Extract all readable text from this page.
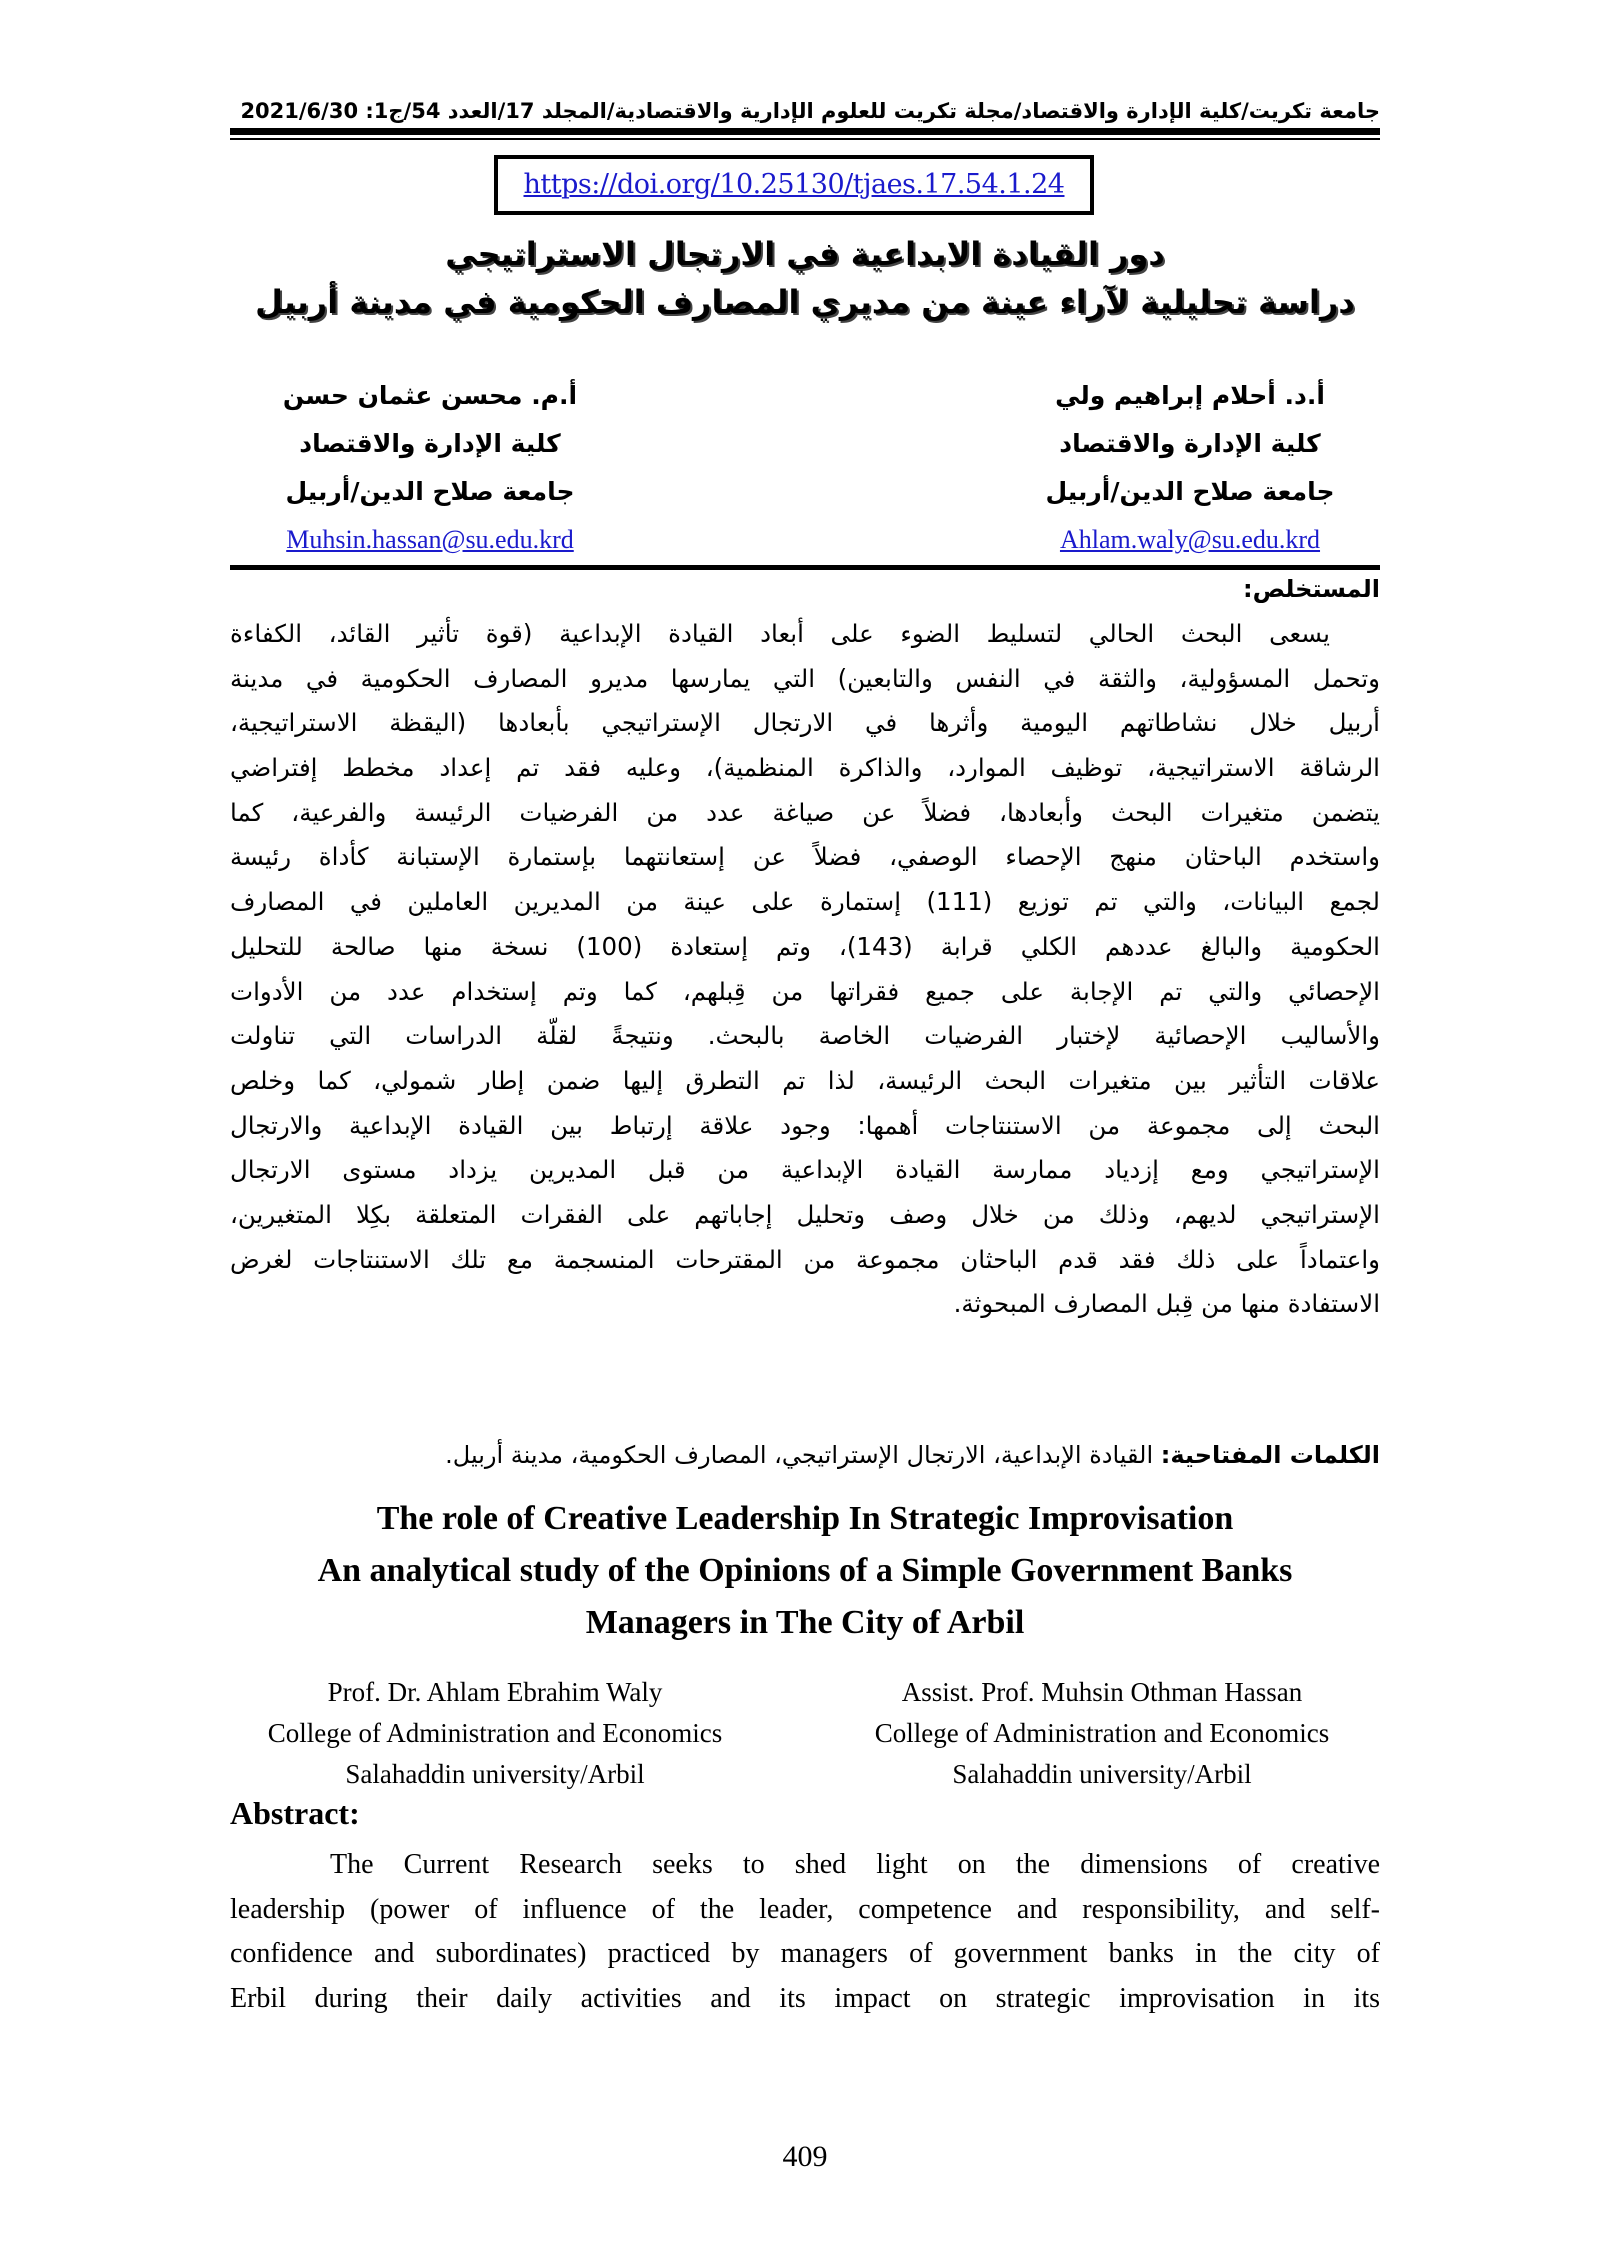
جامعة تكريت/كلية الإدارة والاقتصاد/مجلة تكريت للعلوم الإدارية والاقتصادية/المجلد 17/العدد 54/ج1: 2021/6/30
https://doi.org/10.25130/tjaes.17.54.1.24
دور القيادة الابداعية في الارتجال الاستراتيجي
دراسة تحليلية لآراء عينة من مديري المصارف الحكومية في مدينة أربيل
أ.د. أحلام إبراهيم ولي
كلية الإدارة والاقتصاد
جامعة صلاح الدين/أربيل
Ahlam.waly@su.edu.krd
أ.م. محسن عثمان حسن
كلية الإدارة والاقتصاد
جامعة صلاح الدين/أربيل
Muhsin.hassan@su.edu.krd
المستخلص:
يسعى البحث الحالي لتسليط الضوء على أبعاد القيادة الإبداعية (قوة تأثير القائد، الكفاءة
وتحمل المسؤولية، والثقة في النفس والتابعين) التي يمارسها مديرو المصارف الحكومية في مدينة
أربيل خلال نشاطاتهم اليومية وأثرها في الارتجال الإستراتيجي بأبعادها (اليقظة الاستراتيجية،
الرشاقة الاستراتيجية، توظيف الموارد، والذاكرة المنظمية)، وعليه فقد تم إعداد مخطط إفتراضي
يتضمن متغيرات البحث وأبعادها، فضلاً عن صياغة عدد من الفرضيات الرئيسة والفرعية، كما
واستخدم الباحثان منهج الإحصاء الوصفي، فضلاً عن إستعانتهما بإستمارة الإستبانة كأداة رئيسة
لجمع البيانات، والتي تم توزيع (111) إستمارة على عينة من المديرين العاملين في المصارف
الحكومية والبالغ عددهم الكلي قرابة (143)، وتم إستعادة (100) نسخة منها صالحة للتحليل
الإحصائي والتي تم الإجابة على جميع فقراتها من قِبلهم، كما وتم إستخدام عدد من الأدوات
والأساليب الإحصائية لإختبار الفرضيات الخاصة بالبحث. ونتيجةً لقلّة الدراسات التي تناولت
علاقات التأثير بين متغيرات البحث الرئيسة، لذا تم التطرق إليها ضمن إطار شمولي، كما وخلص
البحث إلى مجموعة من الاستنتاجات أهمها: وجود علاقة إرتباط بين القيادة الإبداعية والارتجال
الإستراتيجي ومع إزدياد ممارسة القيادة الإبداعية من قبل المديرين يزداد مستوى الارتجال
الإستراتيجي لديهم، وذلك من خلال وصف وتحليل إجاباتهم على الفقرات المتعلقة بكِلا المتغيرين،
واعتماداً على ذلك فقد قدم الباحثان مجموعة من المقترحات المنسجمة مع تلك الاستنتاجات لغرض
الاستفادة منها من قِبل المصارف المبحوثة.
الكلمات المفتاحية: القيادة الإبداعية، الارتجال الإستراتيجي، المصارف الحكومية، مدينة أربيل.
The role of Creative Leadership In Strategic Improvisation
An analytical study of the Opinions of a Simple Government Banks
Managers in The City of Arbil
Prof. Dr. Ahlam Ebrahim Waly
College of Administration and Economics
Salahaddin university/Arbil
Assist. Prof. Muhsin Othman Hassan
College of Administration and Economics
Salahaddin university/Arbil
Abstract:
The Current Research seeks to shed light on the dimensions of creative
leadership (power of influence of the leader, competence and responsibility, and self-
confidence and subordinates) practiced by managers of government banks in the city of
Erbil during their daily activities and its impact on strategic improvisation in its
409
